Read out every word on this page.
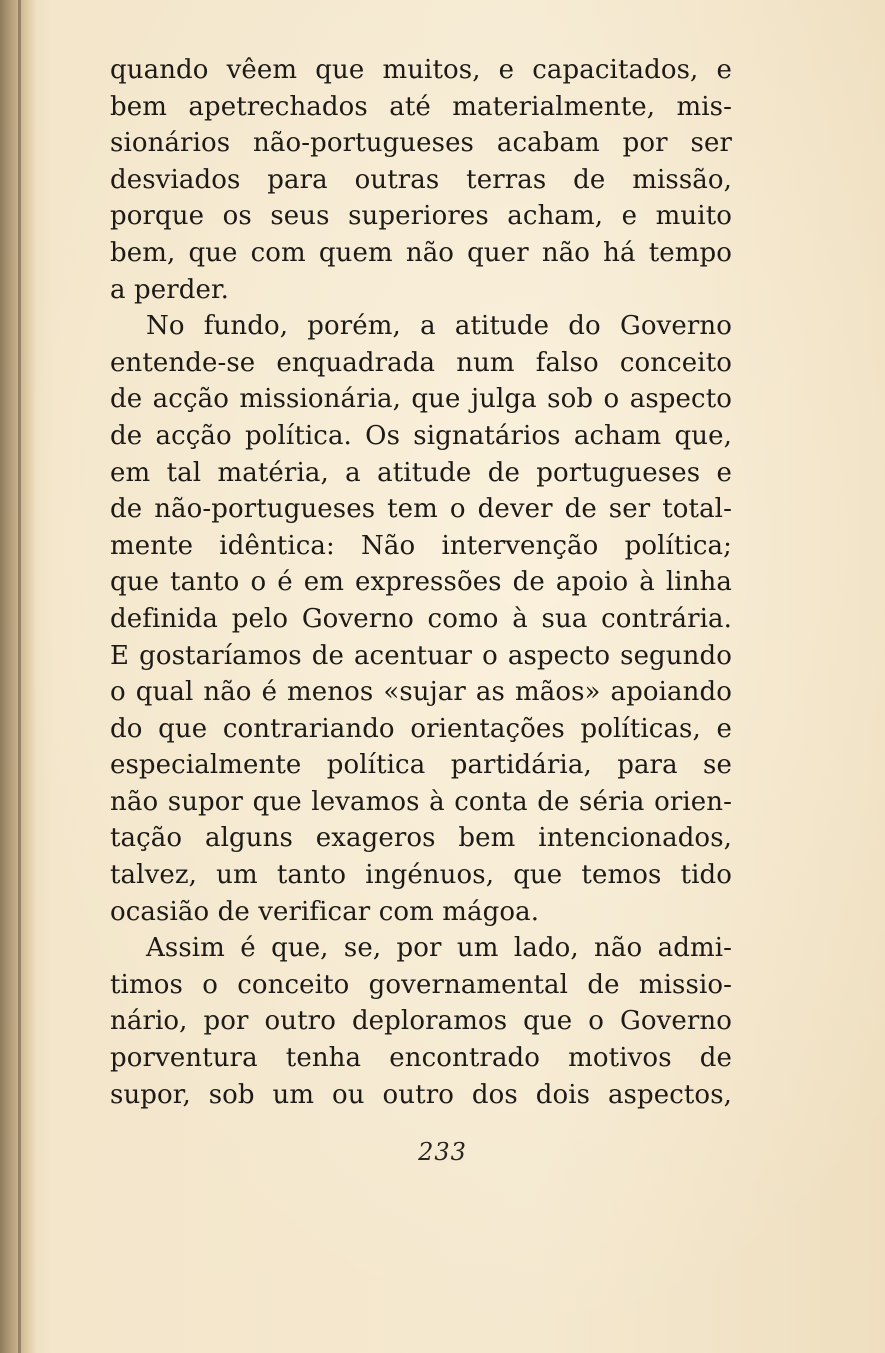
quando vêem que muitos, e capacitados, e
bem apetrechados até materialmente, mis-
sionários não-portugueses acabam por ser
desviados para outras terras de missão,
porque os seus superiores acham, e muito
bem, que com quem não quer não há tempo
a perder.
No fundo, porém, a atitude do Governo
entende-se enquadrada num falso conceito
de acção missionária, que julga sob o aspecto
de acção política. Os signatários acham que,
em tal matéria, a atitude de portugueses e
de não-portugueses tem o dever de ser total-
mente idêntica: Não intervenção política;
que tanto o é em expressões de apoio à linha
definida pelo Governo como à sua contrária.
E gostaríamos de acentuar o aspecto segundo
o qual não é menos «sujar as mãos» apoiando
do que contrariando orientações políticas, e
especialmente política partidária, para se
não supor que levamos à conta de séria orien-
tação alguns exageros bem intencionados,
talvez, um tanto ingénuos, que temos tido
ocasião de verificar com mágoa.
Assim é que, se, por um lado, não admi-
timos o conceito governamental de missio-
nário, por outro deploramos que o Governo
porventura tenha encontrado motivos de
supor, sob um ou outro dos dois aspectos,
233
